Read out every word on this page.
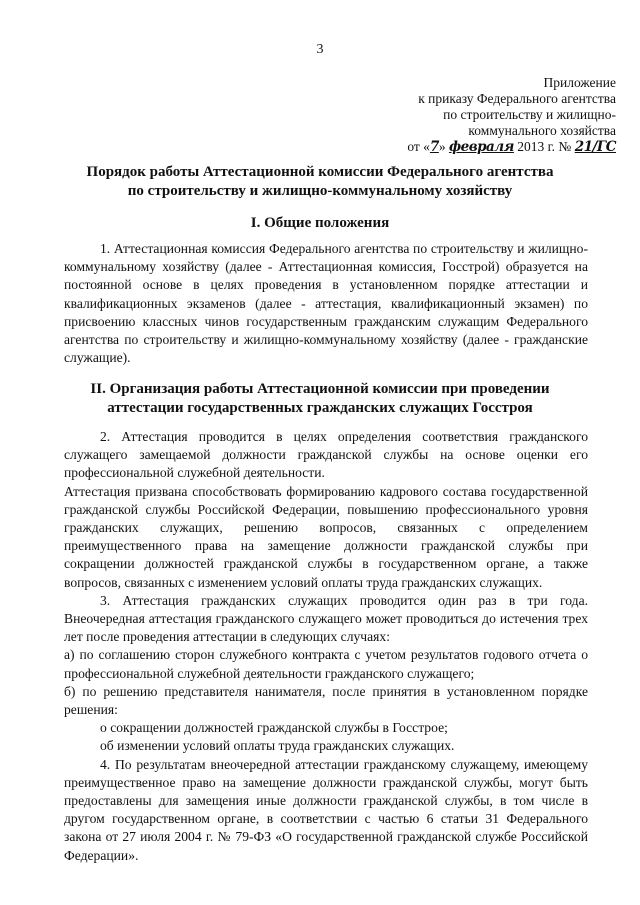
3
Приложение
к приказу Федерального агентства
по строительству и жилищно-
коммунального хозяйства
от «7» февраля 2013 г. № 21/ГС
Порядок работы Аттестационной комиссии Федерального агентства
по строительству и жилищно-коммунальному хозяйству
I. Общие положения

1. Аттестационная комиссия Федерального агентства по строительству и жилищно-коммунальному хозяйству (далее - Аттестационная комиссия, Госстрой) образуется на постоянной основе в целях проведения в установленном порядке аттестации и квалификационных экзаменов (далее - аттестация, квалификационный экзамен) по присвоению классных чинов государственным гражданским служащим Федерального агентства по строительству и жилищно-коммунальному хозяйству (далее - гражданские служащие).

II. Организация работы Аттестационной комиссии при проведении
аттестации государственных гражданских служащих Госстроя

2. Аттестация проводится в целях определения соответствия гражданского служащего замещаемой должности гражданской службы на основе оценки его профессиональной служебной деятельности.

Аттестация призвана способствовать формированию кадрового состава государственной гражданской службы Российской Федерации, повышению профессионального уровня гражданских служащих, решению вопросов, связанных с определением преимущественного права на замещение должности гражданской службы при сокращении должностей гражданской службы в государственном органе, а также вопросов, связанных с изменением условий оплаты труда гражданских служащих.

3. Аттестация гражданских служащих проводится один раз в три года. Внеочередная аттестация гражданского служащего может проводиться до истечения трех лет после проведения аттестации в следующих случаях:

а) по соглашению сторон служебного контракта с учетом результатов годового отчета о профессиональной служебной деятельности гражданского служащего;

б) по решению представителя нанимателя, после принятия в установленном порядке решения:

о сокращении должностей гражданской службы в Госстрое;

об изменении условий оплаты труда гражданских служащих.

4. По результатам внеочередной аттестации гражданскому служащему, имеющему преимущественное право на замещение должности гражданской службы, могут быть предоставлены для замещения иные должности гражданской службы, в том числе в другом государственном органе, в соответствии с частью 6 статьи 31 Федерального закона от 27 июля 2004 г. № 79-ФЗ «О государственной гражданской службе Российской Федерации».
